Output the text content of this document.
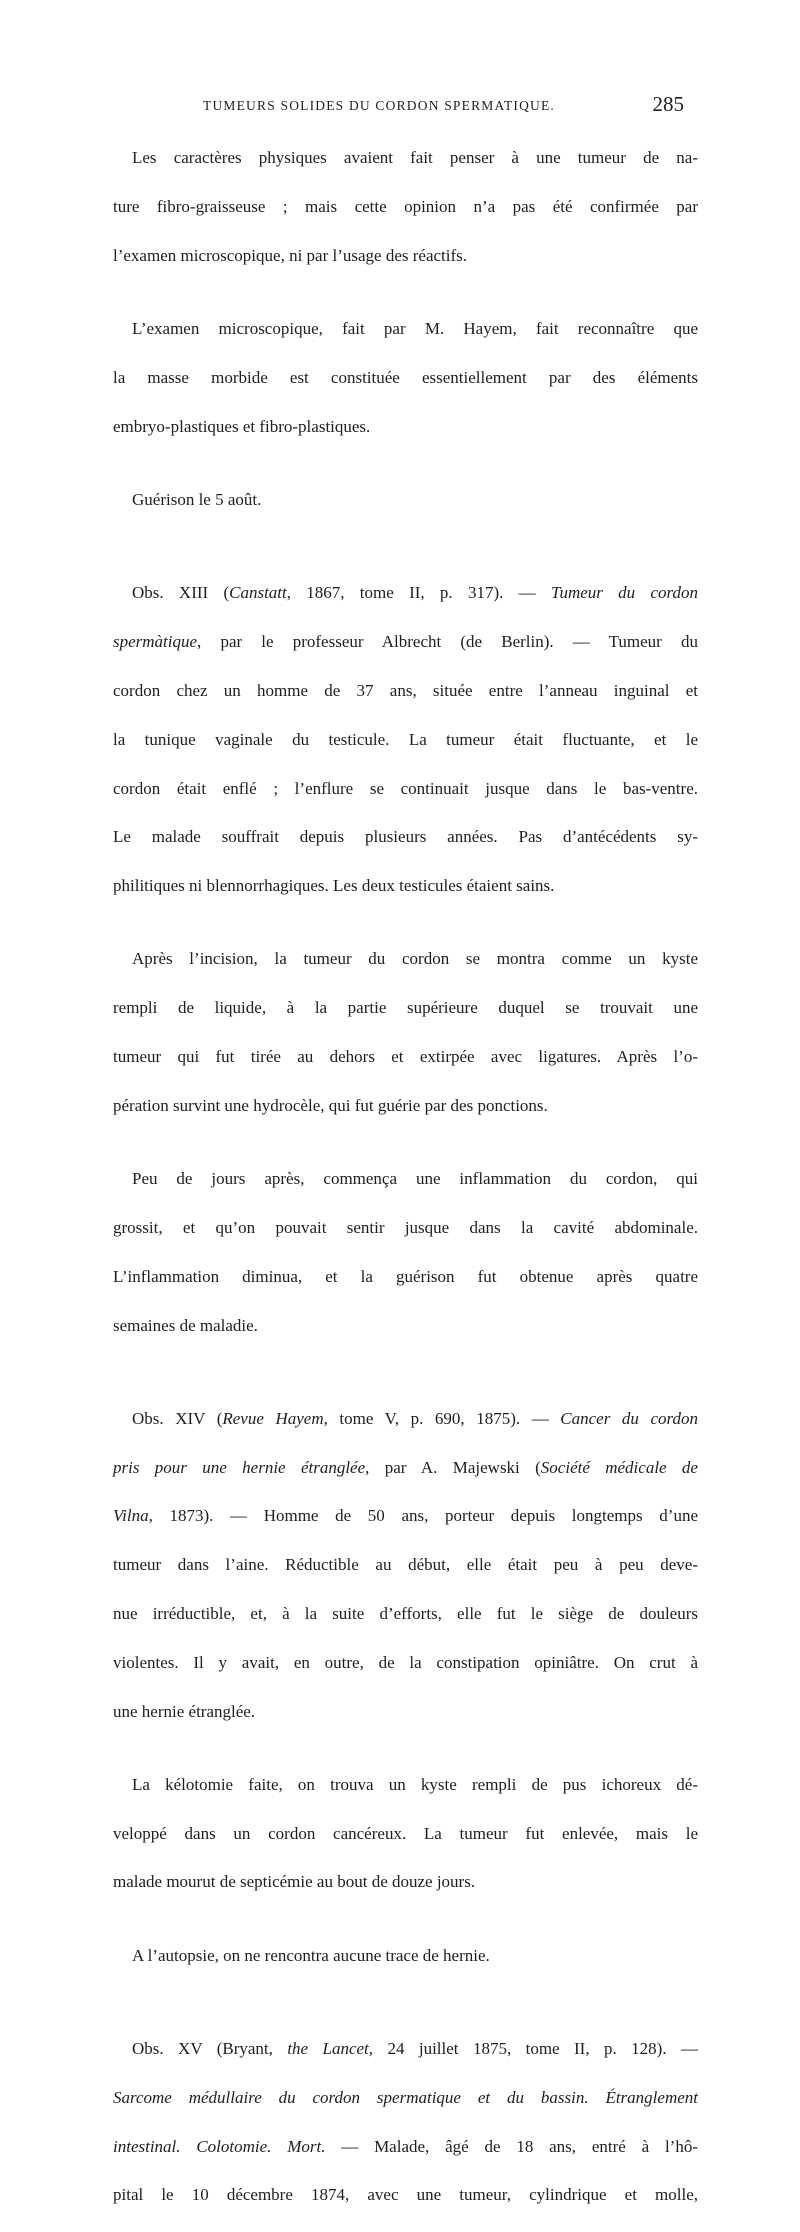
TUMEURS SOLIDES DU CORDON SPERMATIQUE.	285

Les caractères physiques avaient fait penser à une tumeur de na-

ture fibro-graisseuse ; mais cette opinion n’a pas été confirmée par

l’examen microscopique, ni par l’usage des réactifs.

L’examen microscopique, fait par M. Hayem, fait reconnaître que

la masse morbide est constituée essentiellement par des éléments

embryo-plastiques et fibro-plastiques.

Guérison le 5 août.

Obs. XIII (Canstatt, 1867, tome II, p. 317). — Tumeur du cordon

spermàtique, par le professeur Albrecht (de Berlin). — Tumeur du

cordon chez un homme de 37 ans, située entre l’anneau inguinal et

la tunique vaginale du testicule. La tumeur était fluctuante, et le

cordon était enflé ; l’enflure se continuait jusque dans le bas-ventre.

Le malade souffrait depuis plusieurs années. Pas d’antécédents sy-

philitiques ni blennorrhagiques. Les deux testicules étaient sains.

Après l’incision, la tumeur du cordon se montra comme un kyste

rempli de liquide, à la partie supérieure duquel se trouvait une

tumeur qui fut tirée au dehors et extirpée avec ligatures. Après l’o-

pération survint une hydrocèle, qui fut guérie par des ponctions.

Peu de jours après, commença une inflammation du cordon, qui

grossit, et qu’on pouvait sentir jusque dans la cavité abdominale.

L’inflammation diminua, et la guérison fut obtenue après quatre

semaines de maladie.

Obs. XIV (Revue Hayem, tome V, p. 690, 1875). — Cancer du cordon

pris pour une hernie étranglée, par A. Majewski (Société médicale de

Vilna, 1873). — Homme de 50 ans, porteur depuis longtemps d’une

tumeur dans l’aine. Réductible au début, elle était peu à peu deve-

nue irréductible, et, à la suite d’efforts, elle fut le siège de douleurs

violentes. Il y avait, en outre, de la constipation opiniâtre. On crut à

une hernie étranglée.

La kélotomie faite, on trouva un kyste rempli de pus ichoreux dé-

veloppé dans un cordon cancéreux. La tumeur fut enlevée, mais le

malade mourut de septicémie au bout de douze jours.

A l’autopsie, on ne rencontra aucune trace de hernie.

Obs. XV (Bryant, the Lancet, 24 juillet 1875, tome II, p. 128). —

Sarcome médullaire du cordon spermatique et du bassin. Étranglement

intestinal. Colotomie. Mort. — Malade, âgé de 18 ans, entré à l’hô-

pital le 10 décembre 1874, avec une tumeur, cylindrique et molle,
